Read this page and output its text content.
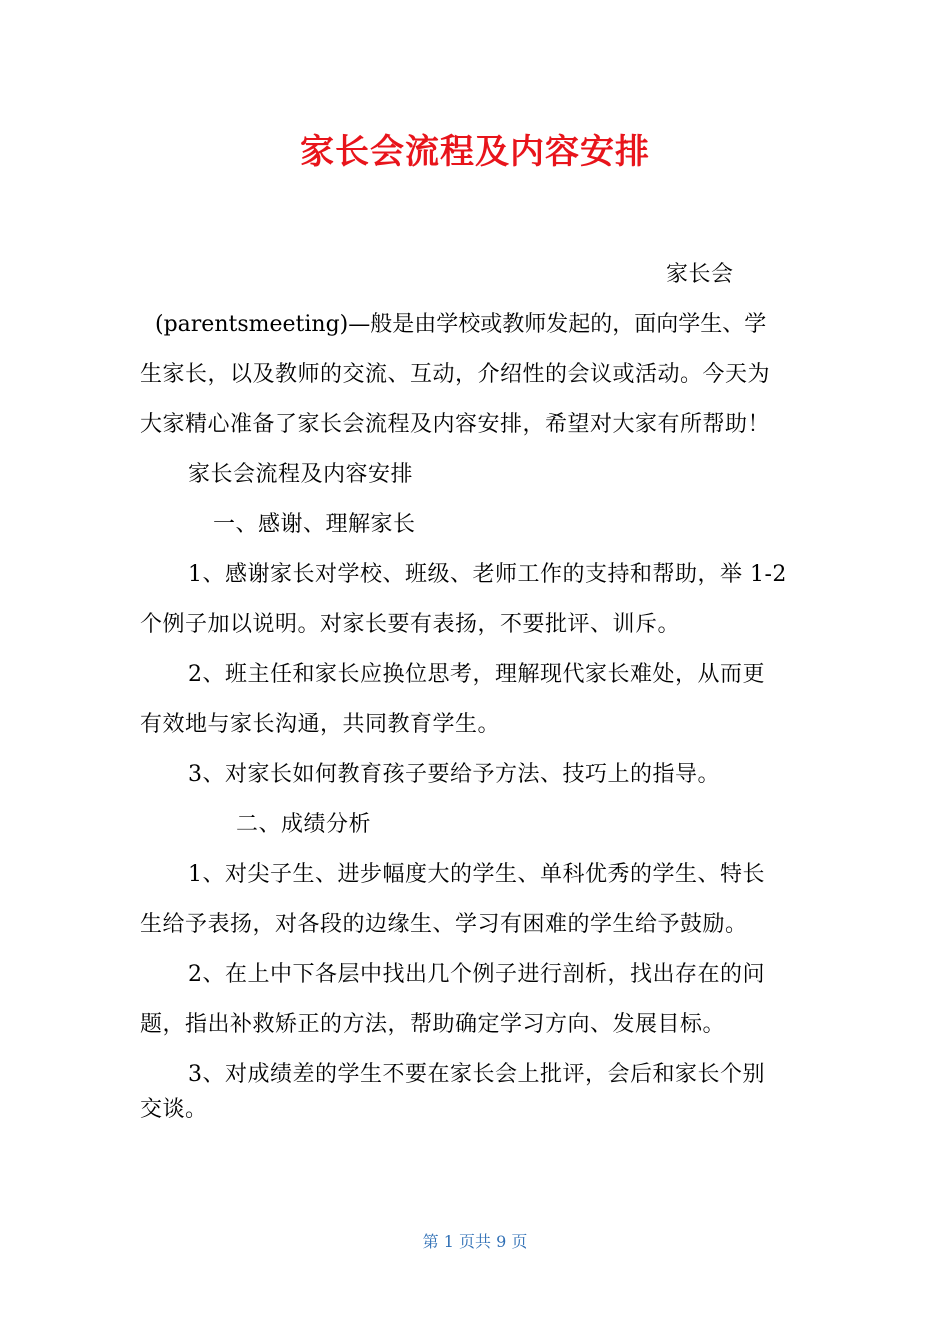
家长会流程及内容安排

家长会

(parentsmeeting)—般是由学校或教师发起的，面向学生、学

生家长，以及教师的交流、互动，介绍性的会议或活动。今天为

大家精心准备了家长会流程及内容安排，希望对大家有所帮助！

家长会流程及内容安排

一、感谢、理解家长

1、感谢家长对学校、班级、老师工作的支持和帮助，举 1-2

个例子加以说明。对家长要有表扬，不要批评、训斥。

2、班主任和家长应换位思考，理解现代家长难处，从而更

有效地与家长沟通，共同教育学生。

3、对家长如何教育孩子要给予方法、技巧上的指导。

二、成绩分析

1、对尖子生、进步幅度大的学生、单科优秀的学生、特长

生给予表扬，对各段的边缘生、学习有困难的学生给予鼓励。

2、在上中下各层中找出几个例子进行剖析，找出存在的问

题，指出补救矫正的方法，帮助确定学习方向、发展目标。

3、对成绩差的学生不要在家长会上批评，会后和家长个别

交谈。

第 1 页共 9 页
